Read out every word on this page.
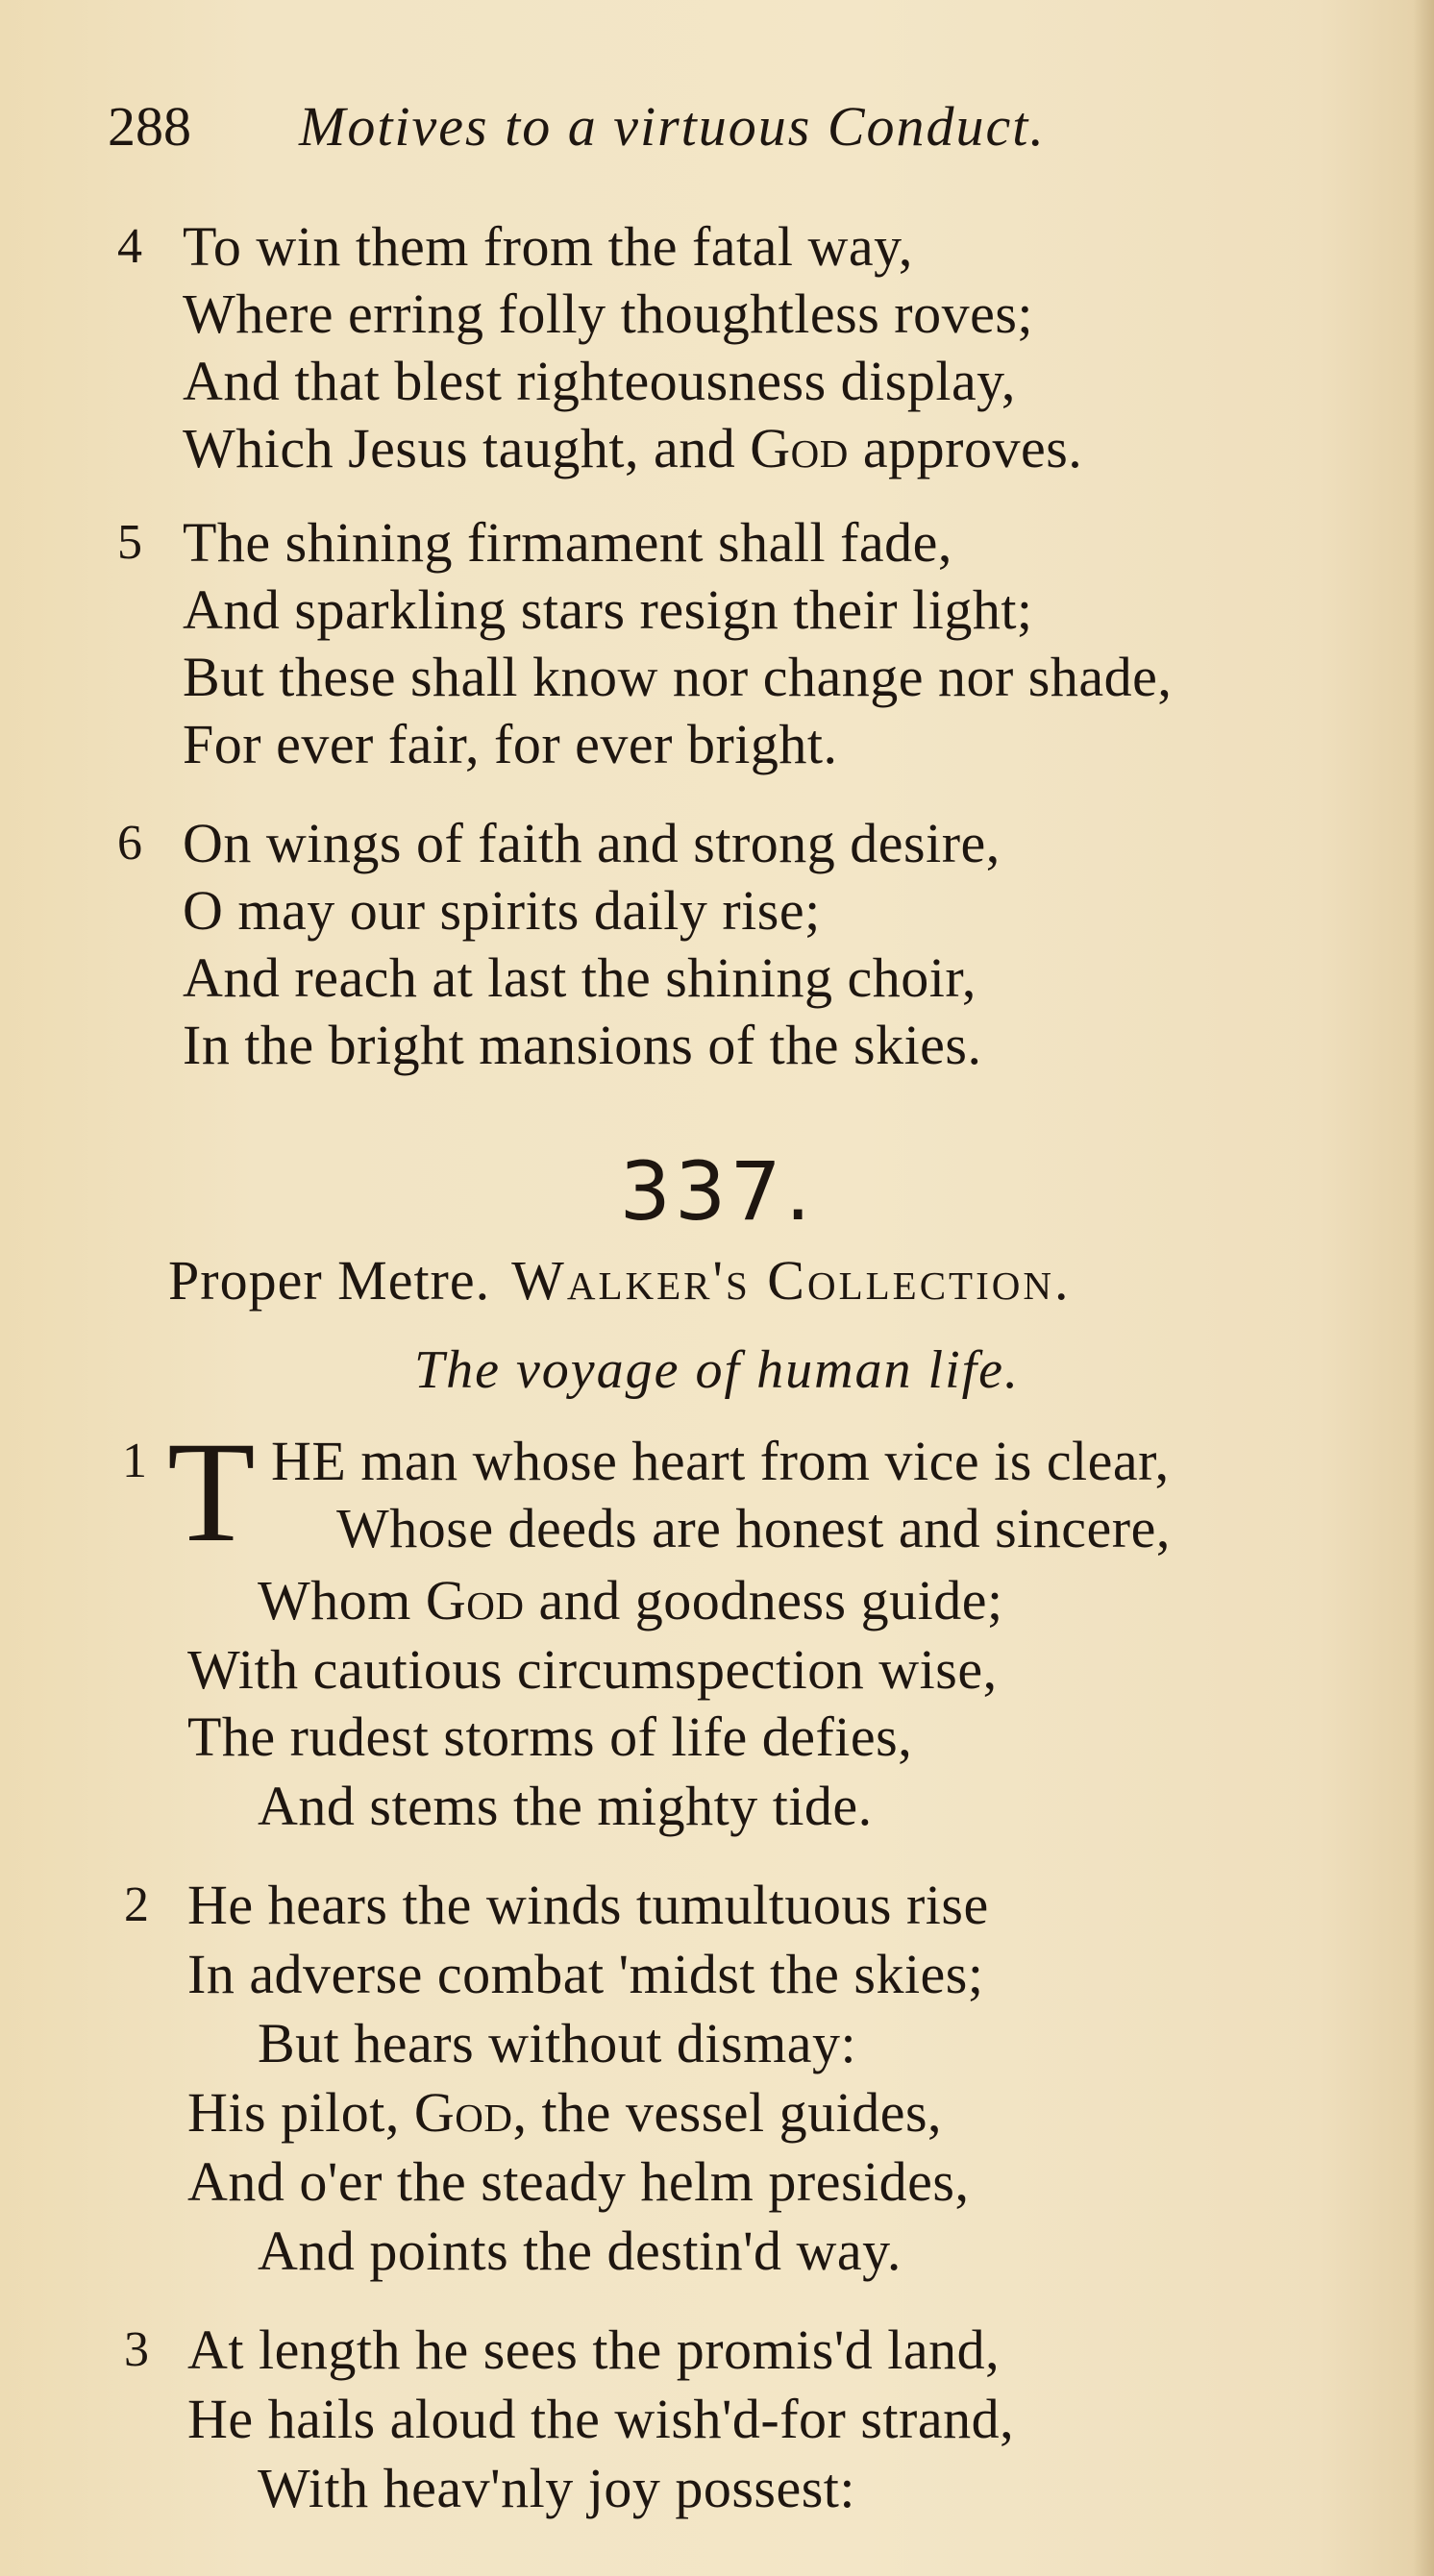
288 Motives to a virtuous Conduct.
4 To win them from the fatal way,
Where erring folly thoughtless roves;
And that blest righteousness display,
Which Jesus taught, and God approves.
5 The shining firmament shall fade,
And sparkling stars resign their light;
But these shall know nor change nor shade,
For ever fair, for ever bright.
6 On wings of faith and strong desire,
O may our spirits daily rise;
And reach at last the shining choir,
In the bright mansions of the skies.
337.
Proper Metre. Walker's Collection.
The voyage of human life.
1 T HE man whose heart from vice is clear,
Whose deeds are honest and sincere,
Whom God and goodness guide;
With cautious circumspection wise,
The rudest storms of life defies,
And stems the mighty tide.
2 He hears the winds tumultuous rise
In adverse combat 'midst the skies;
But hears without dismay:
His pilot, God, the vessel guides,
And o'er the steady helm presides,
And points the destin'd way.
3 At length he sees the promis'd land,
He hails aloud the wish'd-for strand,
With heav'nly joy possest:
